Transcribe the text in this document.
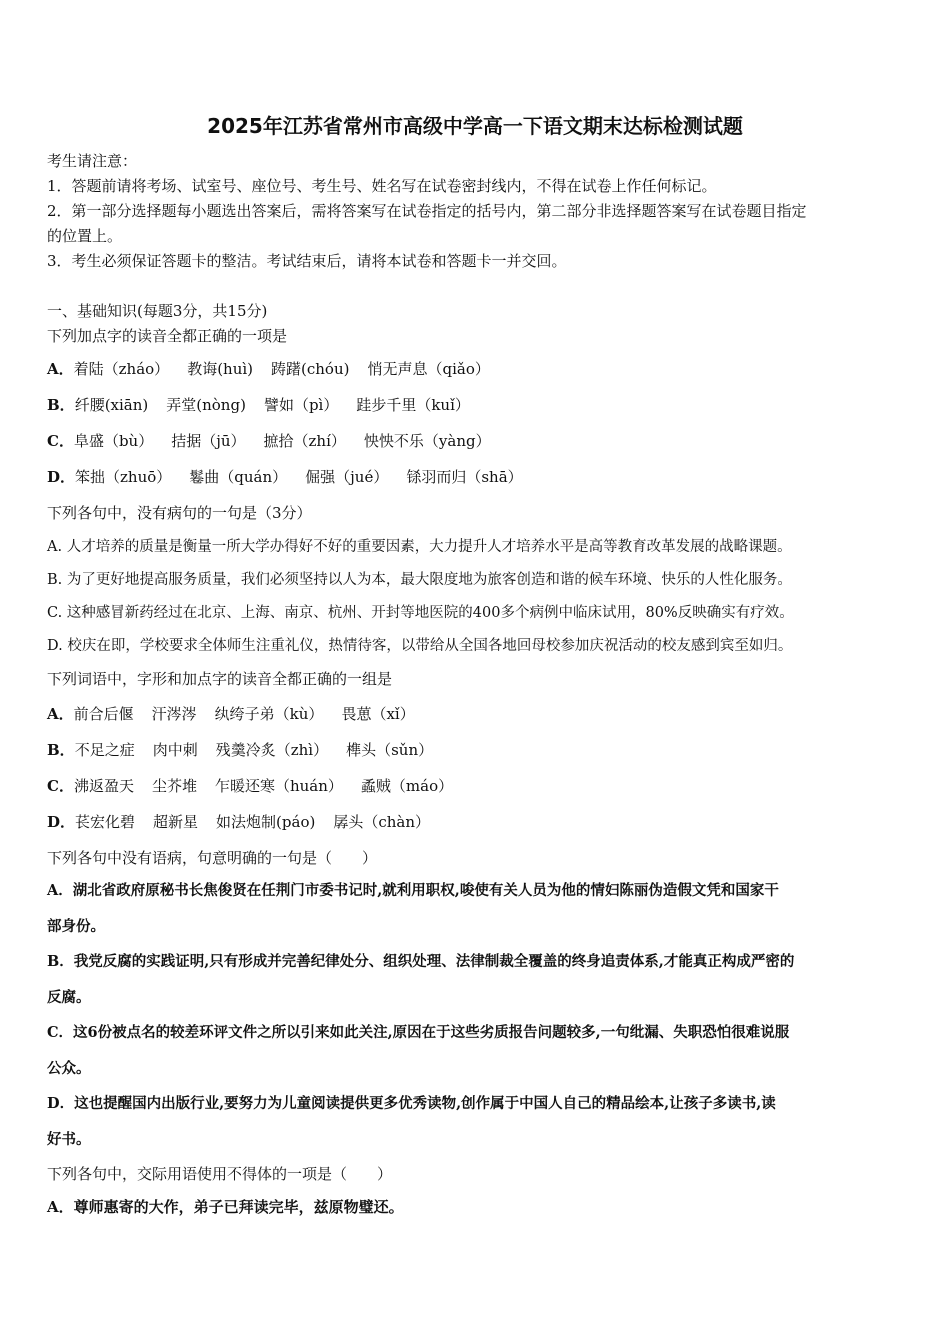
2025年江苏省常州市高级中学高一下语文期末达标检测试题
考生请注意：
1．答题前请将考场、试室号、座位号、考生号、姓名写在试卷密封线内，不得在试卷上作任何标记。
2．第一部分选择题每小题选出答案后，需将答案写在试卷指定的括号内，第二部分非选择题答案写在试卷题目指定
的位置上。
3．考生必须保证答题卡的整洁。考试结束后，请将本试卷和答题卡一并交回。
一、基础知识(每题3分，共15分)
下列加点字的读音全都正确的一项是
A．着陆（zháo） 教诲(huì) 踌躇(chóu) 悄无声息（qiǎo）
B．纤腰(xiān) 弄堂(nòng) 譬如（pì） 跬步千里（kuǐ）
C．阜盛（bù） 拮据（jū） 摭拾（zhí） 怏怏不乐（yàng）
D．笨拙（zhuō） 鬈曲（quán） 倔强（jué） 铩羽而归（shā）
下列各句中，没有病句的一句是（3分）
A. 人才培养的质量是衡量一所大学办得好不好的重要因素，大力提升人才培养水平是高等教育改革发展的战略课题。
B. 为了更好地提高服务质量，我们必须坚持以人为本，最大限度地为旅客创造和谐的候车环境、快乐的人性化服务。
C. 这种感冒新药经过在北京、上海、南京、杭州、开封等地医院的400多个病例中临床试用，80%反映确实有疗效。
D. 校庆在即，学校要求全体师生注重礼仪，热情待客，以带给从全国各地回母校参加庆祝活动的校友感到宾至如归。
下列词语中，字形和加点字的读音全都正确的一组是
A．前合后偃 汗涔涔 纨绔子弟（kù） 畏葸（xǐ）
B．不足之症 肉中刺 残羹冷炙（zhì） 榫头（sǔn）
C．沸返盈天 尘芥堆 乍暖还寒（huán） 蟊贼（máo）
D．苌宏化碧 超新星 如法炮制(páo) 孱头（chàn）
下列各句中没有语病，句意明确的一句是（　　）
A．湖北省政府原秘书长焦俊贤在任荆门市委书记时,就利用职权,唆使有关人员为他的情妇陈丽伪造假文凭和国家干
部身份。
B．我党反腐的实践证明,只有形成并完善纪律处分、组织处理、法律制裁全覆盖的终身追责体系,才能真正构成严密的
反腐。
C．这6份被点名的较差环评文件之所以引来如此关注,原因在于这些劣质报告问题较多,一句纰漏、失职恐怕很难说服
公众。
D．这也提醒国内出版行业,要努力为儿童阅读提供更多优秀读物,创作属于中国人自己的精品绘本,让孩子多读书,读
好书。
下列各句中，交际用语使用不得体的一项是（　　）
A．尊师惠寄的大作，弟子已拜读完毕，兹原物璧还。
